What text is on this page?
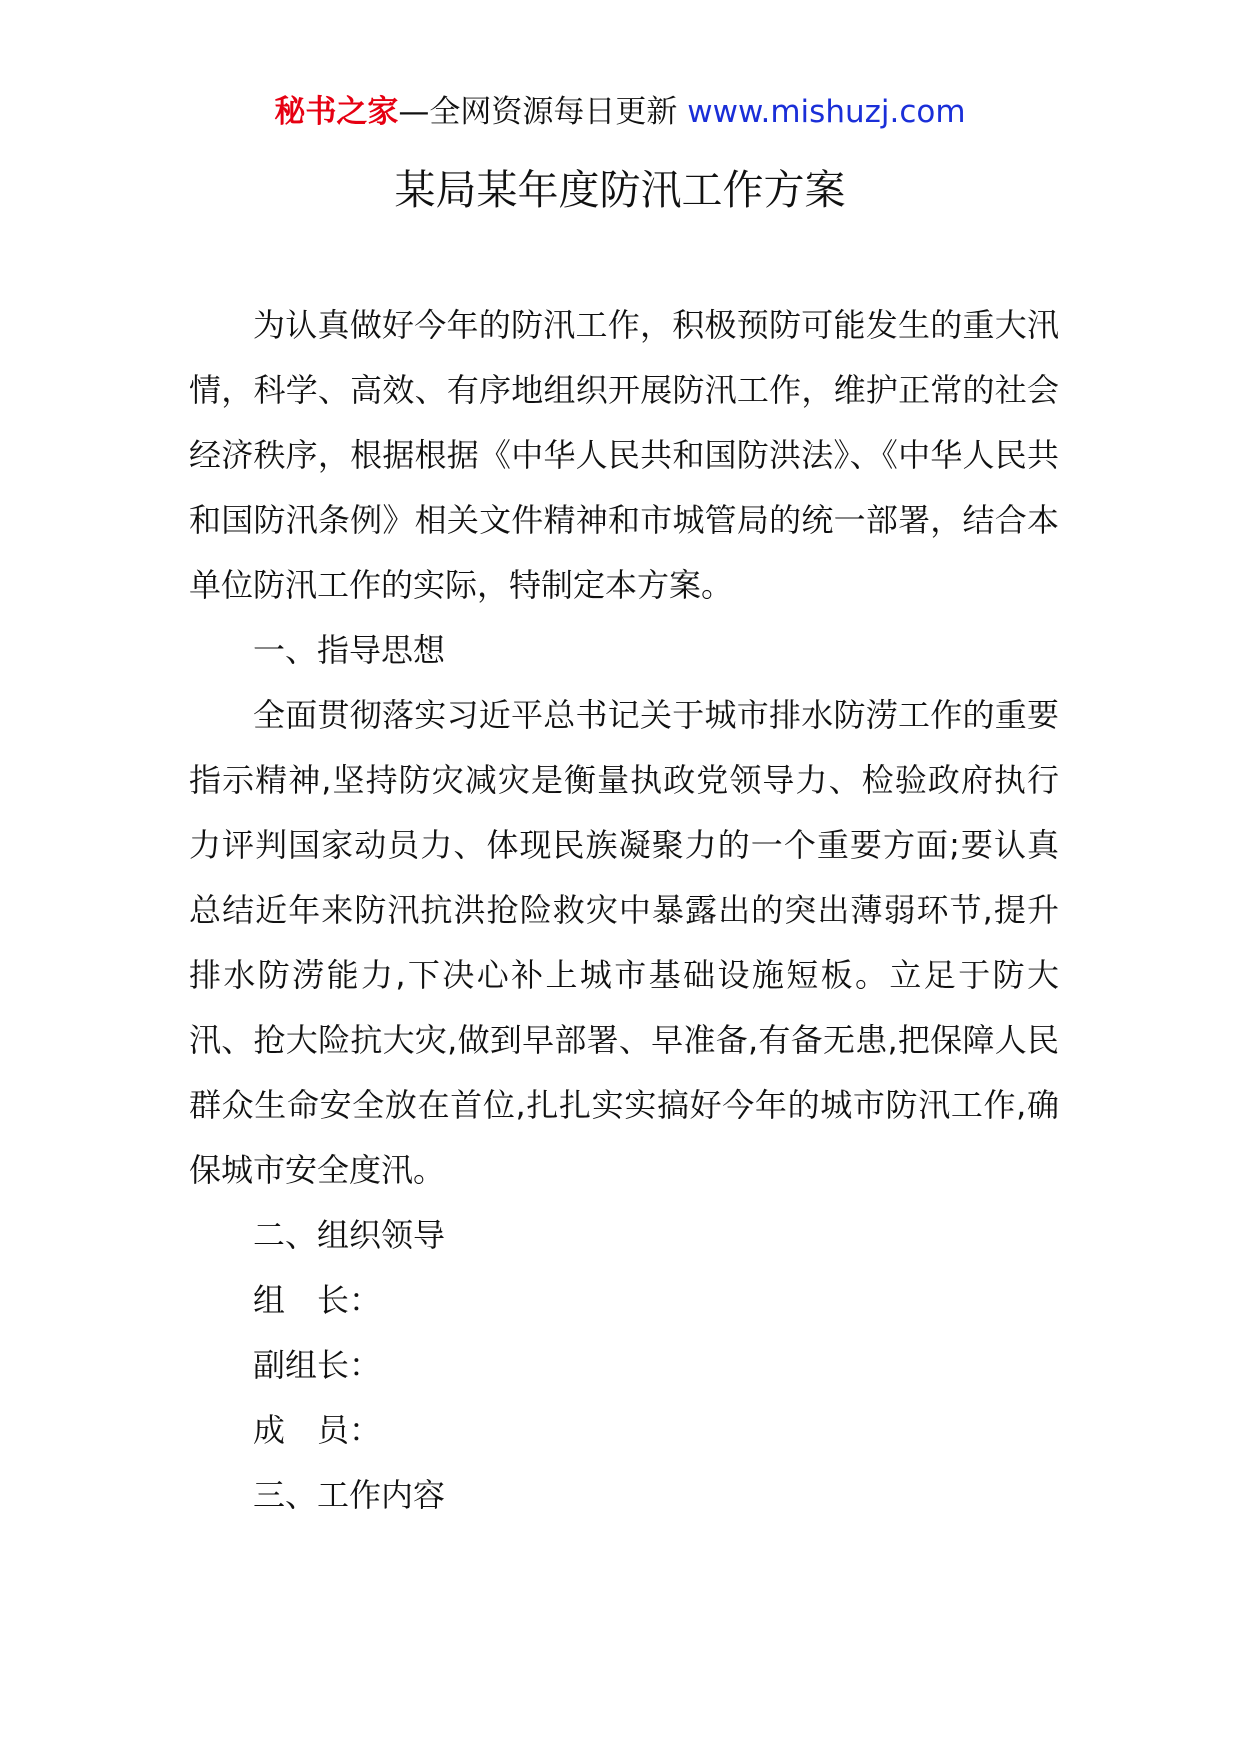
秘书之家—全网资源每日更新 www.mishuzj.com
某局某年度防汛工作方案

为认真做好今年的防汛工作，积极预防可能发生的重大汛情，科学、高效、有序地组织开展防汛工作，维护正常的社会经济秩序，根据根据《中华人民共和国防洪法》、《中华人民共和国防汛条例》相关文件精神和市城管局的统一部署，结合本单位防汛工作的实际，特制定本方案。

一、指导思想

全面贯彻落实习近平总书记关于城市排水防涝工作的重要指示精神,坚持防灾减灾是衡量执政党领导力、检验政府执行力评判国家动员力、体现民族凝聚力的一个重要方面;要认真总结近年来防汛抗洪抢险救灾中暴露出的突出薄弱环节,提升排水防涝能力,下决心补上城市基础设施短板。立足于防大汛、抢大险抗大灾,做到早部署、早准备,有备无患,把保障人民群众生命安全放在首位,扎扎实实搞好今年的城市防汛工作,确保城市安全度汛。

二、组织领导

组　长：

副组长：

成　员：

三、工作内容
